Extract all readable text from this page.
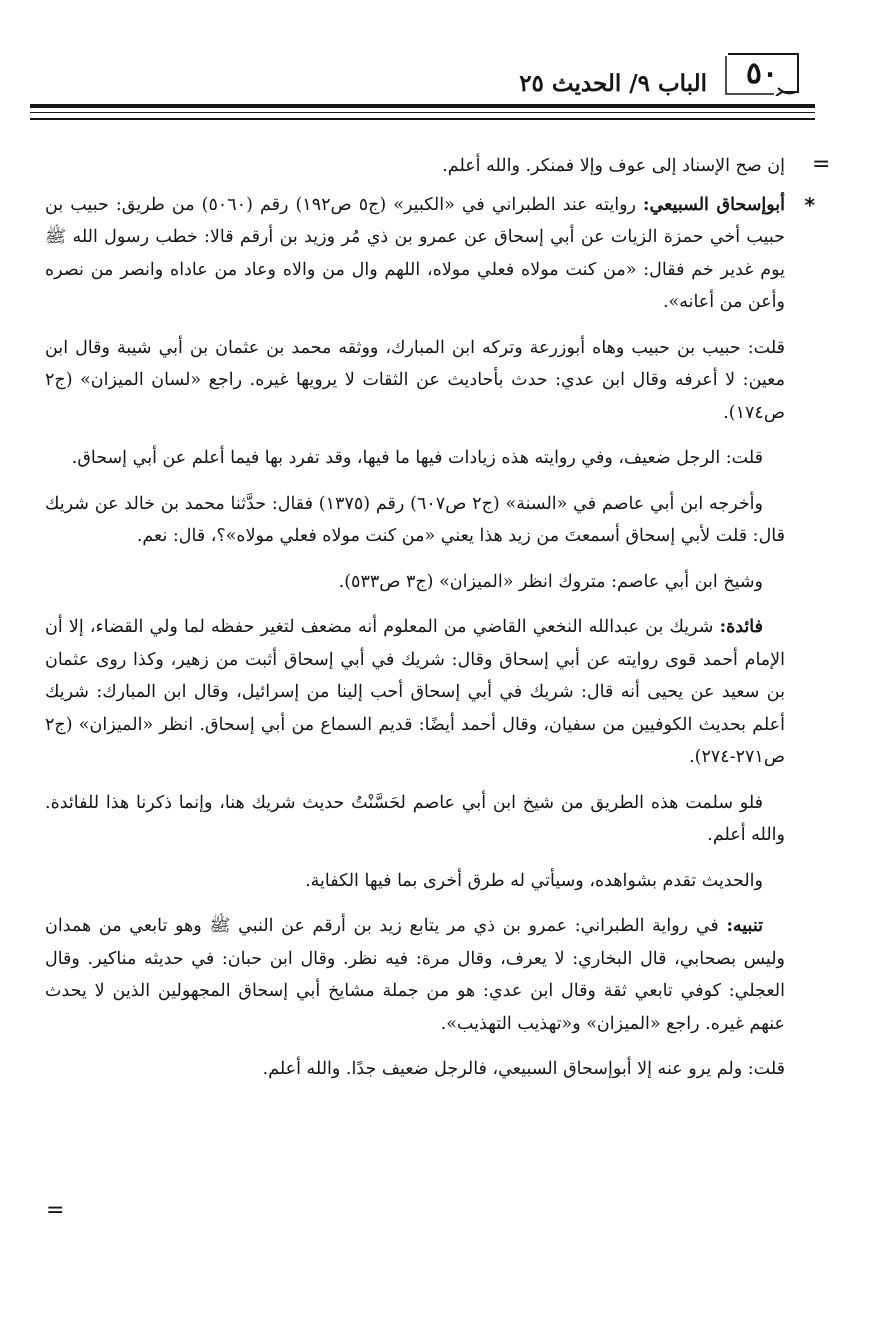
٥٠
الباب ٩/ الحديث ٢٥
=
=
إن صح الإسناد إلى عوف وإلا فمنكر. والله أعلم.
*
أبوإسحاق السبيعي: روايته عند الطبراني في «الكبير» (ج٥ ص١٩٢) رقم (٥٠٦٠) من طريق: حبيب بن حبيب أخي حمزة الزيات عن أبي إسحاق عن عمرو بن ذي مُر وزيد بن أرقم قالا: خطب رسول الله ﷺ يوم غدير خم فقال: «من كنت مولاه فعلي مولاه، اللهم وال من والاه وعاد من عاداه وانصر من نصره وأعن من أعانه».
قلت: حبيب بن حبيب وهاه أبوزرعة وتركه ابن المبارك، ووثقه محمد بن عثمان بن أبي شيبة وقال ابن معين: لا أعرفه وقال ابن عدي: حدث بأحاديث عن الثقات لا يرويها غيره. راجع «لسان الميزان» (ج٢ ص١٧٤).
قلت: الرجل ضعيف، وفي روايته هذه زيادات فيها ما فيها، وقد تفرد بها فيما أعلم عن أبي إسحاق.
وأخرجه ابن أبي عاصم في «السنة» (ج٢ ص٦٠٧) رقم (١٣٧٥) فقال: حدَّثنا محمد بن خالد عن شريك قال: قلت لأبي إسحاق أسمعتَ من زيد هذا يعني «من كنت مولاه فعلي مولاه»؟، قال: نعم.
وشيخ ابن أبي عاصم: متروك انظر «الميزان» (ج٣ ص٥٣٣).
فائدة: شريك بن عبدالله النخعي القاضي من المعلوم أنه مضعف لتغير حفظه لما ولي القضاء، إلا أن الإمام أحمد قوى روايته عن أبي إسحاق وقال: شريك في أبي إسحاق أثبت من زهير، وكذا روى عثمان بن سعيد عن يحيى أنه قال: شريك في أبي إسحاق أحب إلينا من إسرائيل، وقال ابن المبارك: شريك أعلم بحديث الكوفيين من سفيان، وقال أحمد أيضًا: قديم السماع من أبي إسحاق. انظر «الميزان» (ج٢ ص٢٧١-٢٧٤).
فلو سلمت هذه الطريق من شيخ ابن أبي عاصم لحَسَّنْتُ حديث شريك هنا، وإنما ذكرنا هذا للفائدة. والله أعلم.
والحديث تقدم بشواهده، وسيأتي له طرق أخرى بما فيها الكفاية.
تنبيه: في رواية الطبراني: عمرو بن ذي مر يتابع زيد بن أرقم عن النبي ﷺ وهو تابعي من همدان وليس بصحابي، قال البخاري: لا يعرف، وقال مرة: فيه نظر. وقال ابن حبان: في حديثه مناكير. وقال العجلي: كوفي تابعي ثقة وقال ابن عدي: هو من جملة مشايخ أبي إسحاق المجهولين الذين لا يحدث عنهم غيره. راجع «الميزان» و«تهذيب التهذيب».
قلت: ولم يرو عنه إلا أبوإسحاق السبيعي، فالرجل ضعيف جدًا. والله أعلم.
